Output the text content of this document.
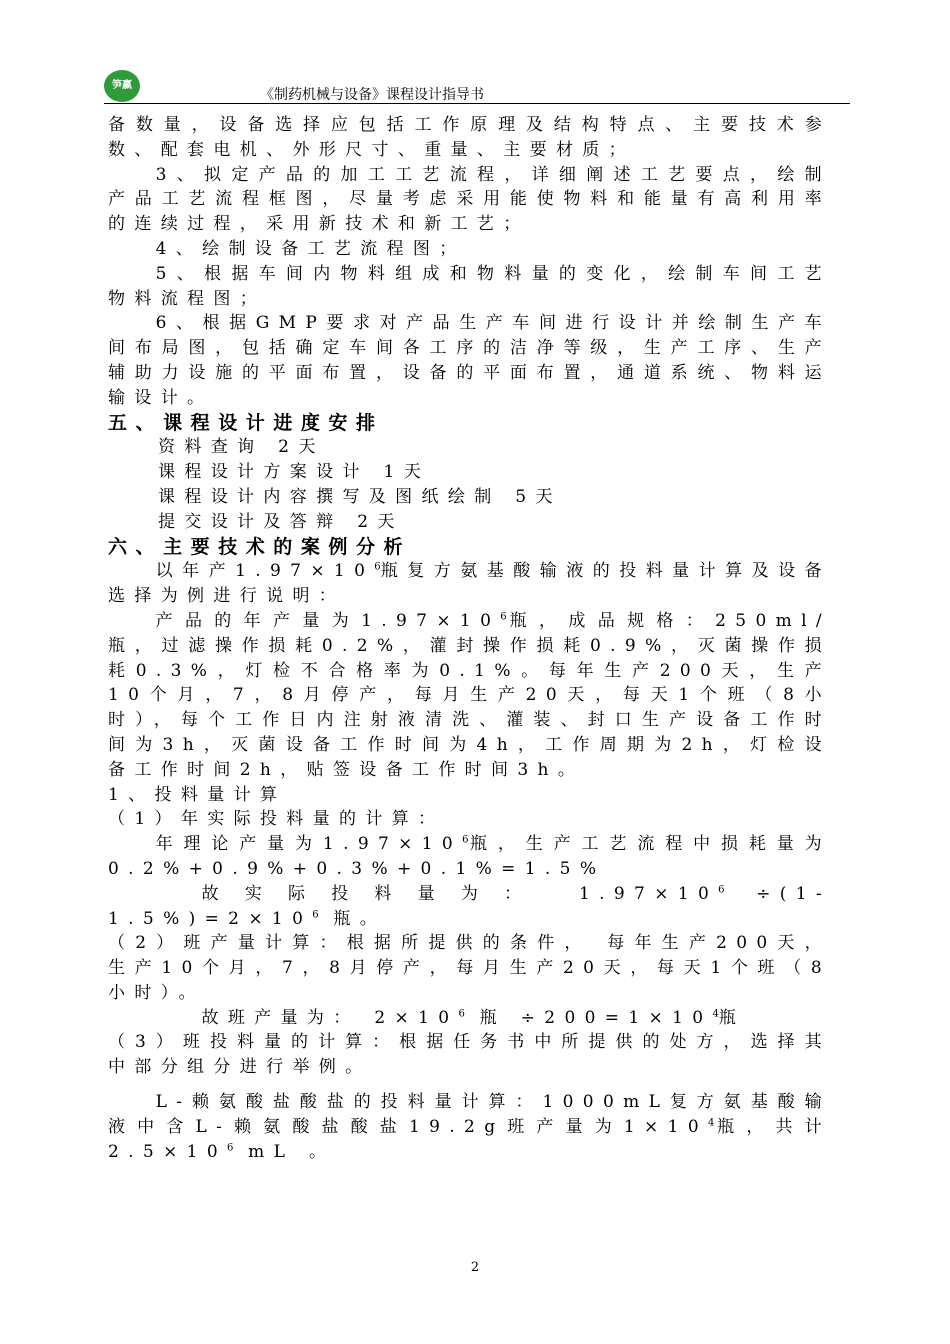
笋赢
《制药机械与设备》课程设计指导书

备数量，设备选择应包括工作原理及结构特点、主要技术参数、配套电机、外形尺寸、重量、主要材质；

3、拟定产品的加工工艺流程，详细阐述工艺要点，绘制产品工艺流程框图，尽量考虑采用能使物料和能量有高利用率的连续过程，采用新技术和新工艺；

4、绘制设备工艺流程图；

5、根据车间内物料组成和物料量的变化，绘制车间工艺物料流程图；

6、根据GMP要求对产品生产车间进行设计并绘制生产车间布局图，包括确定车间各工序的洁净等级，生产工序、生产辅助力设施的平面布置，设备的平面布置，通道系统、物料运输设计。

五、课程设计进度安排

资料查询 2天

课程设计方案设计 1天

课程设计内容撰写及图纸绘制 5天

提交设计及答辩 2天

六、主要技术的案例分析

以年产$1.97\times 10^6$瓶复方氨基酸输液的投料量计算及设备选择为例进行说明：

产品的年产量为$1.97\times 10^6$瓶，成品规格：250ml/瓶，过滤操作损耗0.2%，灌封操作损耗0.9%，灭菌操作损耗0.3%，灯检不合格率为0.1%。每年生产200天，生产10个月，7，8月停产，每月生产20天，每天1个班（8小时），每个工作日内注射液清洗、灌装、封口生产设备工作时间为3h，灭菌设备工作时间为4h，工作周期为2h，灯检设备工作时间2h，贴签设备工作时间3h。

1、投料量计算

（1）年实际投料量的计算：

年理论产量为$1.97\times 10^6$瓶，生产工艺流程中损耗量为0.2%+0.9%+0.3%+0.1%=1.5%

故实际投料量为： $1.97\times 10^6 \div(1-1.5\%)=2\times 10^6$ 瓶。

（2）班产量计算：根据所提供的条件， 每年生产200天，生产10个月，7，8月停产，每月生产20天，每天1个班（8小时）。

故班产量为： $2\times 10^6$ 瓶 $\div 200=1\times 10^4$瓶

（3）班投料量的计算：根据任务书中所提供的处方，选择其中部分组分进行举例。

L-赖氨酸盐酸盐的投料量计算：1000mL复方氨基酸输液中含L-赖氨酸盐酸盐19.2g班产量为$1\times 10^4$瓶，共计$2.5\times 10^6$ mL 。

2
